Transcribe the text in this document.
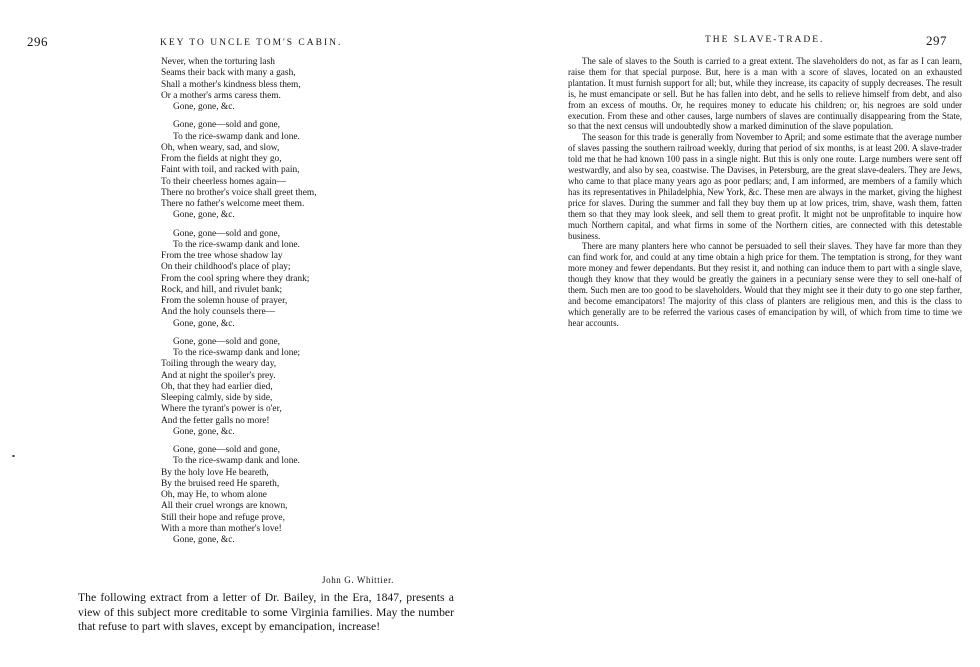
296	KEY TO UNCLE TOM'S CABIN.
Never, when the torturing lash
Seams their back with many a gash,
Shall a mother's kindness bless them,
Or a mother's arms caress them.
Gone, gone, &c.
Gone, gone—sold and gone,
To the rice-swamp dank and lone.
Oh, when weary, sad, and slow,
From the fields at night they go,
Faint with toil, and racked with pain,
To their cheerless homes again—
There no brother's voice shall greet them,
There no father's welcome meet them.
Gone, gone, &c.
Gone, gone—sold and gone,
To the rice-swamp dank and lone.
From the tree whose shadow lay
On their childhood's place of play;
From the cool spring where they drank;
Rock, and hill, and rivulet bank;
From the solemn house of prayer,
And the holy counsels there—
Gone, gone, &c.
Gone, gone—sold and gone,
To the rice-swamp dank and lone;
Toiling through the weary day,
And at night the spoiler's prey.
Oh, that they had earlier died,
Sleeping calmly, side by side,
Where the tyrant's power is o'er,
And the fetter galls no more!
Gone, gone, &c.
Gone, gone—sold and gone,
To the rice-swamp dank and lone.
By the holy love He beareth,
By the bruised reed He spareth,
Oh, may He, to whom alone
All their cruel wrongs are known,
Still their hope and refuge prove,
With a more than mother's love!
Gone, gone, &c.
John G. Whittier.
The following extract from a letter of Dr. Bailey, in the Era, 1847, presents a view of this subject more creditable to some Virginia families. May the number that refuse to part with slaves, except by emancipation, increase!
THE SLAVE-TRADE.	297

The sale of slaves to the South is carried to a great extent. The slaveholders do not, as far as I can learn, raise them for that special purpose. But, here is a man with a score of slaves, located on an exhausted plantation. It must furnish support for all; but, while they increase, its capacity of supply decreases. The result is, he must emancipate or sell. But he has fallen into debt, and he sells to relieve himself from debt, and also from an excess of mouths. Or, he requires money to educate his children; or, his negroes are sold under execution. From these and other causes, large numbers of slaves are continually disappearing from the State, so that the next census will undoubtedly show a marked diminution of the slave population.

The season for this trade is generally from November to April; and some estimate that the average number of slaves passing the southern railroad weekly, during that period of six months, is at least 200. A slave-trader told me that he had known 100 pass in a single night. But this is only one route. Large numbers were sent off westwardly, and also by sea, coastwise. The Davises, in Petersburg, are the great slave-dealers. They are Jews, who came to that place many years ago as poor pedlars; and, I am informed, are members of a family which has its representatives in Philadelphia, New York, &c. These men are always in the market, giving the highest price for slaves. During the summer and fall they buy them up at low prices, trim, shave, wash them, fatten them so that they may look sleek, and sell them to great profit. It might not be unprofitable to inquire how much Northern capital, and what firms in some of the Northern cities, are connected with this detestable business.

There are many planters here who cannot be persuaded to sell their slaves. They have far more than they can find work for, and could at any time obtain a high price for them. The temptation is strong, for they want more money and fewer dependants. But they resist it, and nothing can induce them to part with a single slave, though they know that they would be greatly the gainers in a pecuniary sense were they to sell one-half of them. Such men are too good to be slaveholders. Would that they might see it their duty to go one step farther, and become emancipators! The majority of this class of planters are religious men, and this is the class to which generally are to be referred the various cases of emancipation by will, of which from time to time we hear accounts.
